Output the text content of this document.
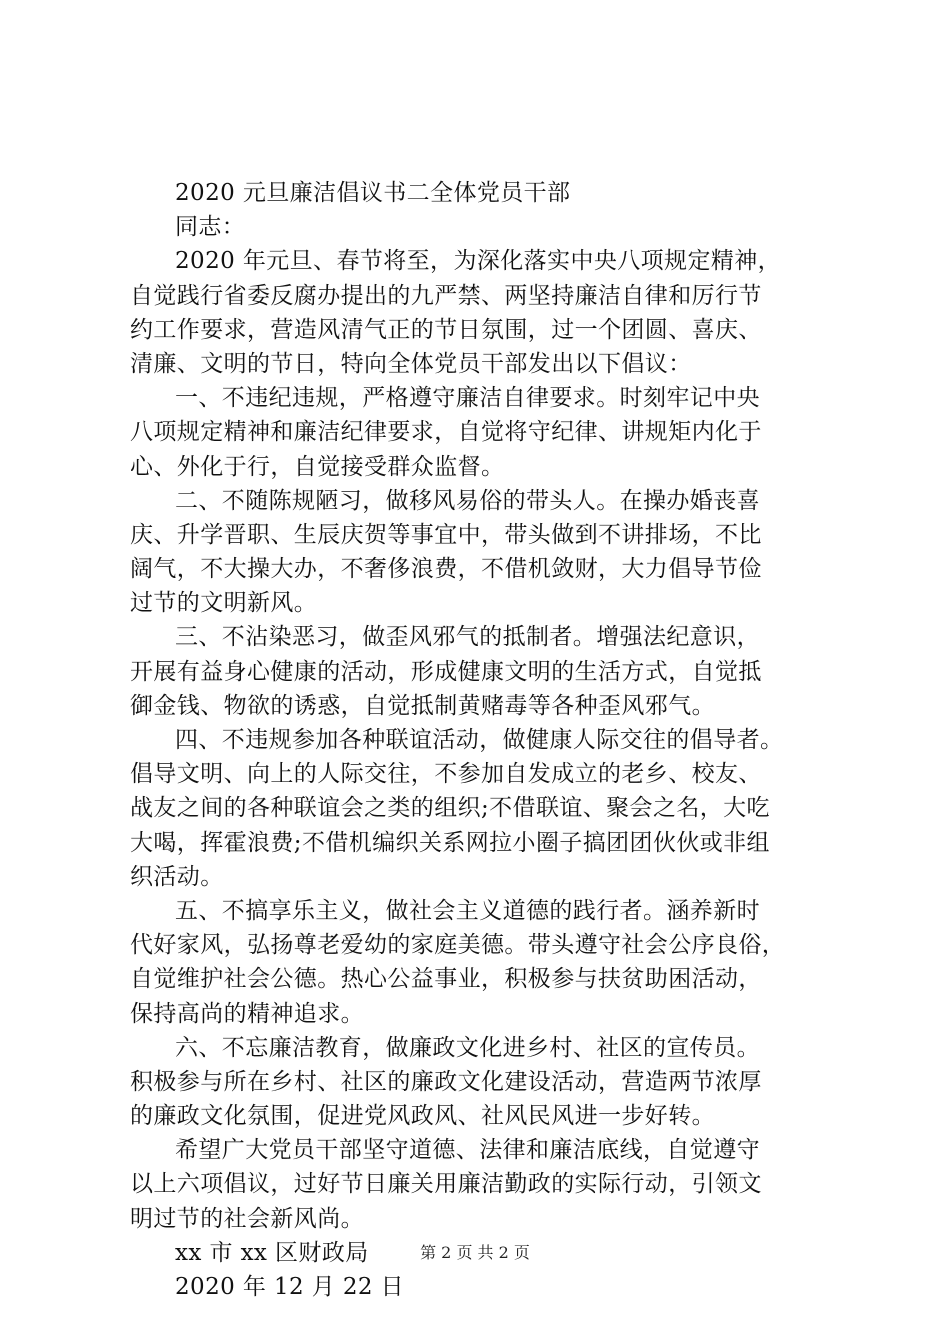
2020 元旦廉洁倡议书二全体党员干部
同志：
2020 年元旦、春节将至，为深化落实中央八项规定精神，
自觉践行省委反腐办提出的九严禁、两坚持廉洁自律和厉行节
约工作要求，营造风清气正的节日氛围，过一个团圆、喜庆、
清廉、文明的节日，特向全体党员干部发出以下倡议：
一、不违纪违规，严格遵守廉洁自律要求。时刻牢记中央
八项规定精神和廉洁纪律要求，自觉将守纪律、讲规矩内化于
心、外化于行，自觉接受群众监督。
二、不随陈规陋习，做移风易俗的带头人。在操办婚丧喜
庆、升学晋职、生辰庆贺等事宜中，带头做到不讲排场，不比
阔气，不大操大办，不奢侈浪费，不借机敛财，大力倡导节俭
过节的文明新风。
三、不沾染恶习，做歪风邪气的抵制者。增强法纪意识，
开展有益身心健康的活动，形成健康文明的生活方式，自觉抵
御金钱、物欲的诱惑，自觉抵制黄赌毒等各种歪风邪气。
四、不违规参加各种联谊活动，做健康人际交往的倡导者。
倡导文明、向上的人际交往，不参加自发成立的老乡、校友、
战友之间的各种联谊会之类的组织;不借联谊、聚会之名，大吃
大喝，挥霍浪费;不借机编织关系网拉小圈子搞团团伙伙或非组
织活动。
五、不搞享乐主义，做社会主义道德的践行者。涵养新时
代好家风，弘扬尊老爱幼的家庭美德。带头遵守社会公序良俗，
自觉维护社会公德。热心公益事业，积极参与扶贫助困活动，
保持高尚的精神追求。
六、不忘廉洁教育，做廉政文化进乡村、社区的宣传员。
积极参与所在乡村、社区的廉政文化建设活动，营造两节浓厚
的廉政文化氛围，促进党风政风、社风民风进一步好转。
希望广大党员干部坚守道德、法律和廉洁底线，自觉遵守
以上六项倡议，过好节日廉关用廉洁勤政的实际行动，引领文
明过节的社会新风尚。
xx 市 xx 区财政局
2020 年 12 月 22 日
第 2 页 共 2 页
